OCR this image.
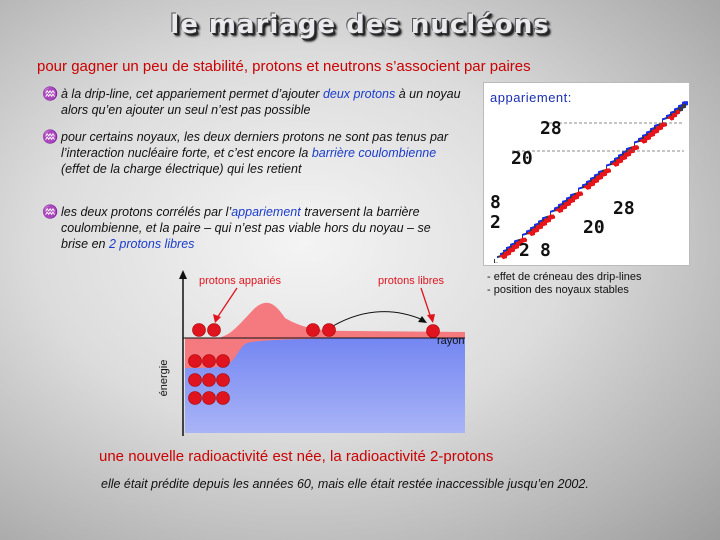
le mariage des nucléons
pour gagner un peu de stabilité, protons et neutrons s’associent par paires
♒ à la drip-line, cet appariement permet d’ajouter deux protons à un noyau alors qu’en ajouter un seul n’est pas possible
♒ pour certains noyaux, les deux derniers protons ne sont pas tenus par l’interaction nucléaire forte, et c’est encore la barrière coulombienne (effet de la charge électrique) qui les retient
♒ les deux protons corrélés par l’appariement traversent la barrière coulombienne, et la paire – qui n’est pas viable hors du noyau – se brise en 2 protons libres
appariement:
28
20
8
2	20
28
2 8
- effet de créneau des drip-lines
- position des noyaux stables
énergie
rayon
protons appariés	protons libres
une nouvelle radioactivité est née, la radioactivité 2-protons
elle était prédite depuis les années 60, mais elle était restée inaccessible jusqu’en 2002.
